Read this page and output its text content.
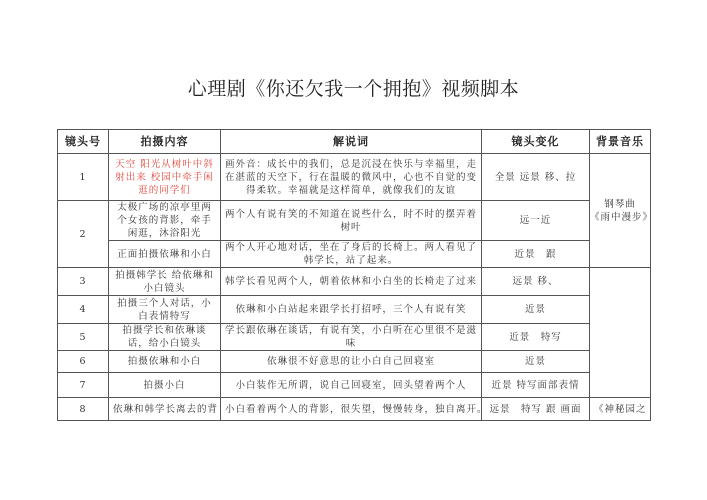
心理剧《你还欠我一个拥抱》视频脚本
镜头号	拍摄内容	解说词	镜头变化	背景音乐
1	天空 阳光从树叶中斜射出来 校园中牵手闲逛的同学们	画外音：成长中的我们，总是沉浸在快乐与幸福里，走在湛蓝的天空下，行在温暖的微风中，心也不自觉的变得柔软。幸福就是这样简单，就像我们的友谊	全景 远景 移、拉	钢琴曲
《雨中漫步》

2	太极广场的凉亭里两个女孩的背影，牵手闲逛，沐浴阳光	两个人有说有笑的不知道在说些什么，时不时的摆弄着树叶	远一近	
	正面拍摄依琳和小白	两个人开心地对话，坐在了身后的长椅上。两人看见了韩学长，站了起来。	近景　跟	
3	拍摄韩学长 给依琳和小白镜头	韩学长看见两个人，朝着依林和小白坐的长椅走了过来	远景 移、	
4	拍摄三个人对话，小白表情特写	依琳和小白站起来跟学长打招呼，三个人有说有笑	近景	
5	拍摄学长和依琳谈话，给小白镜头	学长跟依琳在谈话，有说有笑，小白听在心里很不是滋味	近景　特写	
6	拍摄依琳和小白	依琳很不好意思的让小白自己回寝室	近景	
7	拍摄小白	小白装作无所谓，说自己回寝室，回头望着两个人	近景 特写面部表情	
8	依琳和韩学长离去的背	小白看着两个人的背影，很失望，慢慢转身，独自离开。	远景　特写 跟 画面	《神秘园之
